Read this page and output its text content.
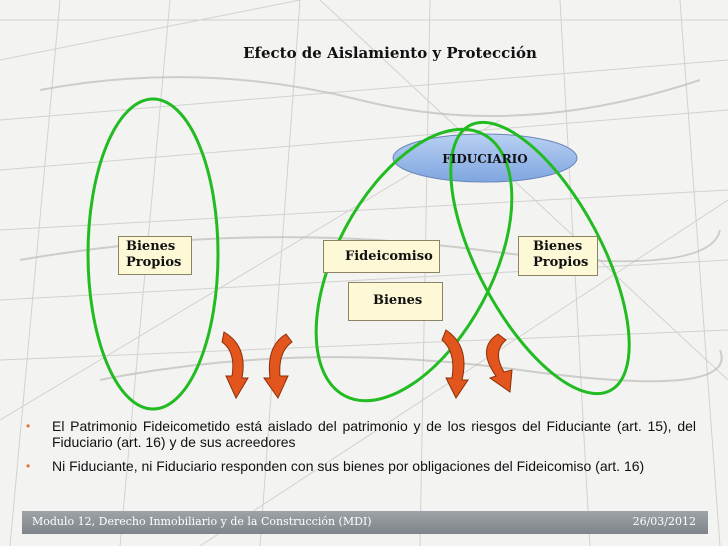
Efecto de Aislamiento y Protección
FIDUCIARIO
Bienes
Propios	Fideicomiso
Bienes
Propios
Bienes
• El Patrimonio Fideicometido está aislado del patrimonio y de los riesgos del Fiduciante (art. 15), del Fiduciario (art. 16) y de sus acreedores
• Ni Fiduciante, ni Fiduciario responden con sus bienes por obligaciones del Fideicomiso (art. 16)
Modulo 12, Derecho Inmobiliario y de la Construcción (MDI)	26/03/2012
